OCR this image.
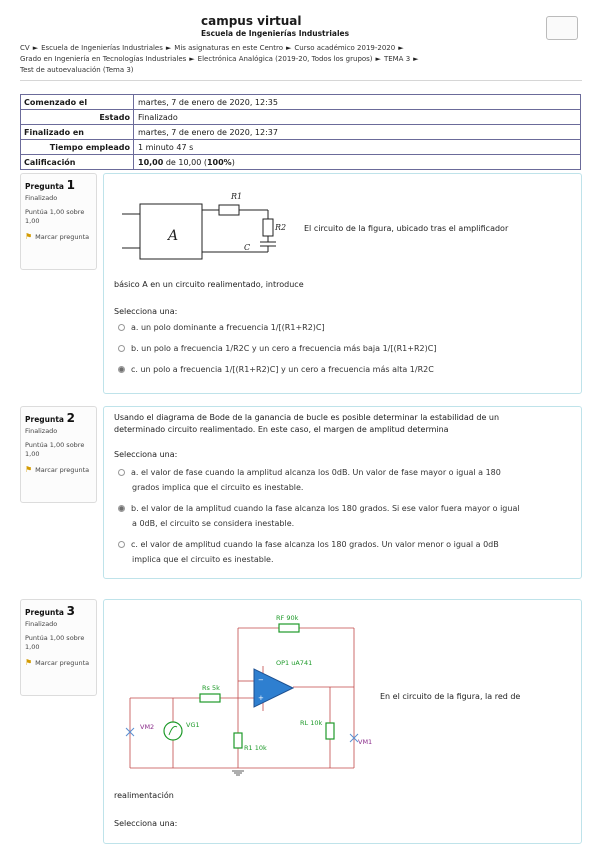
campus virtual
Escuela de Ingenierías Industriales
CV ► Escuela de Ingenierías Industriales ► Mis asignaturas en este Centro ► Curso académico 2019-2020 ►
Grado en Ingeniería en Tecnologías Industriales ► Electrónica Analógica (2019-20, Todos los grupos) ► TEMA 3 ►
Test de autoevaluación (Tema 3)
Comenzado el	martes, 7 de enero de 2020, 12:35
Estado	Finalizado
Finalizado en	martes, 7 de enero de 2020, 12:37
Tiempo empleado	1 minuto 47 s
Calificación	10,00 de 10,00 (100%)
Pregunta 1
Finalizado
Puntúa 1,00 sobre 1,00
⚑ Marcar pregunta	A
R1
R2
C
El circuito de la figura, ubicado tras el amplificador
básico A en un circuito realimentado, introduce
Selecciona una:
a. un polo dominante a frecuencia 1/[(R1+R2)C]
b. un polo a frecuencia 1/R2C y un cero a frecuencia más baja 1/[(R1+R2)C]
c. un polo a frecuencia 1/[(R1+R2)C] y un cero a frecuencia más alta 1/R2C
Pregunta 2
Finalizado
Puntúa 1,00 sobre 1,00
⚑ Marcar pregunta
Usando el diagrama de Bode de la ganancia de bucle es posible determinar la estabilidad de un
determinado circuito realimentado. En este caso, el margen de amplitud determina
Selecciona una:
a. el valor de fase cuando la amplitud alcanza los 0dB. Un valor de fase mayor o igual a 180
grados implica que el circuito es inestable.
b. el valor de la amplitud cuando la fase alcanza los 180 grados. Si ese valor fuera mayor o igual
a 0dB, el circuito se considera inestable.
c. el valor de amplitud cuando la fase alcanza los 180 grados. Un valor menor o igual a 0dB
implica que el circuito es inestable.
Pregunta 3
Finalizado
Puntúa 1,00 sobre 1,00
⚑ Marcar pregunta
−
+
RF 90k
OP1 uA741
Rs 5k
R1 10k
RL 10k
VG1
VM2
VM1
En el circuito de la figura, la red de
realimentación
Selecciona una:
